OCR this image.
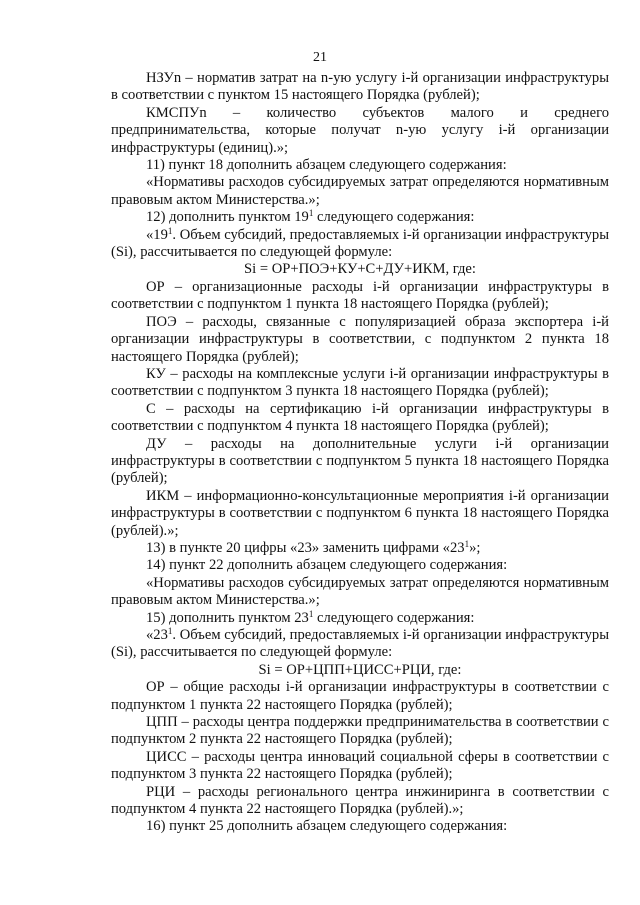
21

НЗУn – норматив затрат на n-ую услугу i-й организации инфраструктуры в соответствии с пунктом 15 настоящего Порядка (рублей);

КМСПУn – количество субъектов малого и среднего предпринимательства, которые получат n-ую услугу i-й организации инфраструктуры (единиц).»;

11) пункт 18 дополнить абзацем следующего содержания:

«Нормативы расходов субсидируемых затрат определяются нормативным правовым актом Министерства.»;

12) дополнить пунктом $19^1$ следующего содержания:

«$19^1$. Объем субсидий, предоставляемых i-й организации инфраструктуры (Si), рассчитывается по следующей формуле:

Si = ОР+ПОЭ+КУ+С+ДУ+ИКМ, где:

ОР – организационные расходы i-й организации инфраструктуры в соответствии с подпунктом 1 пункта 18 настоящего Порядка (рублей);

ПОЭ – расходы, связанные с популяризацией образа экспортера i-й организации инфраструктуры в соответствии, с подпунктом 2 пункта 18 настоящего Порядка (рублей);

КУ – расходы на комплексные услуги i-й организации инфраструктуры в соответствии с подпунктом 3 пункта 18 настоящего Порядка (рублей);

С – расходы на сертификацию i-й организации инфраструктуры в соответствии с подпунктом 4 пункта 18 настоящего Порядка (рублей);

ДУ – расходы на дополнительные услуги i-й организации инфраструктуры в соответствии с подпунктом 5 пункта 18 настоящего Порядка (рублей);

ИКМ – информационно-консультационные мероприятия i-й организации инфраструктуры в соответствии с подпунктом 6 пункта 18 настоящего Порядка (рублей).»;

13) в пункте 20 цифры «23» заменить цифрами «$23^1$»;

14) пункт 22 дополнить абзацем следующего содержания:

«Нормативы расходов субсидируемых затрат определяются нормативным правовым актом Министерства.»;

15) дополнить пунктом $23^1$ следующего содержания:

«$23^1$. Объем субсидий, предоставляемых i-й организации инфраструктуры (Si), рассчитывается по следующей формуле:

Si = ОР+ЦПП+ЦИСС+РЦИ, где:

ОР – общие расходы i-й организации инфраструктуры в соответствии с подпунктом 1 пункта 22 настоящего Порядка (рублей);

ЦПП – расходы центра поддержки предпринимательства в соответствии с подпунктом 2 пункта 22 настоящего Порядка (рублей);

ЦИСС – расходы центра инноваций социальной сферы в соответствии с подпунктом 3 пункта 22 настоящего Порядка (рублей);

РЦИ – расходы регионального центра инжиниринга в соответствии с подпунктом 4 пункта 22 настоящего Порядка (рублей).»;

16) пункт 25 дополнить абзацем следующего содержания:
